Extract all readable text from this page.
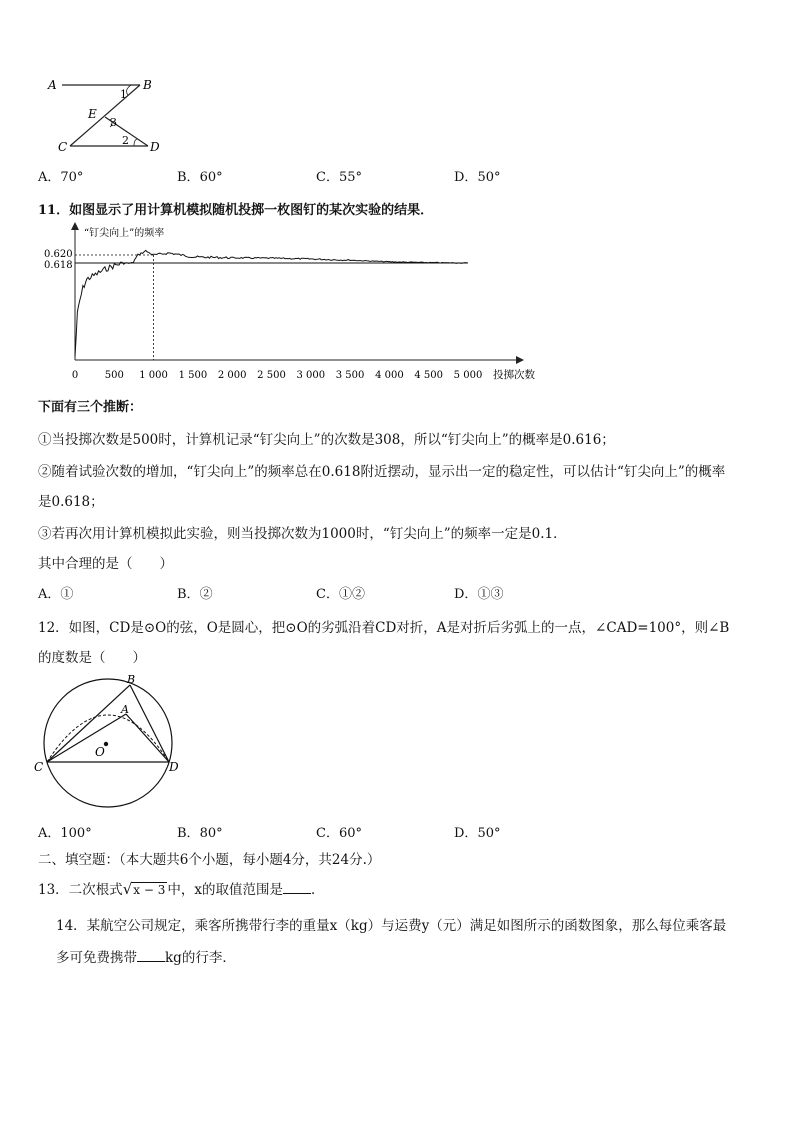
A	B
C	D
E
1
2
3
A．70°	B．60°	C．55°	D．50°
11．如图显示了用计算机模拟随机投掷一枚图钉的某次实验的结果．
“钉尖向上”的频率
投掷次数
0.620
0.618
0	500 1 000 1 500 2 000 2 500 3 000 3 500 4 000 4 500 5 000
下面有三个推断：
①当投掷次数是500时，计算机记录“钉尖向上”的次数是308，所以“钉尖向上”的概率是0.616；
②随着试验次数的增加，“钉尖向上”的频率总在0.618附近摆动，显示出一定的稳定性，可以估计“钉尖向上”的概率
是0.618；
③若再次用计算机模拟此实验，则当投掷次数为1000时，“钉尖向上”的频率一定是0.1．
其中合理的是（　　）
A．①	B．②	C．①②	D．①③
12．如图，CD是⊙O的弦，O是圆心，把⊙O的劣弧沿着CD对折，A是对折后劣弧上的一点，∠CAD=100°，则∠B
的度数是（　　）
B
A
C	D
O
A．100°	B．80°	C．60°	D．50°
二、填空题：（本大题共6个小题，每小题4分，共24分.）
13．二次根式√x − 3 中，x的取值范围是 ．
14．某航空公司规定，乘客所携带行李的重量x（kg）与运费y（元）满足如图所示的函数图象，那么每位乘客最
多可免费携带 kg的行李．
